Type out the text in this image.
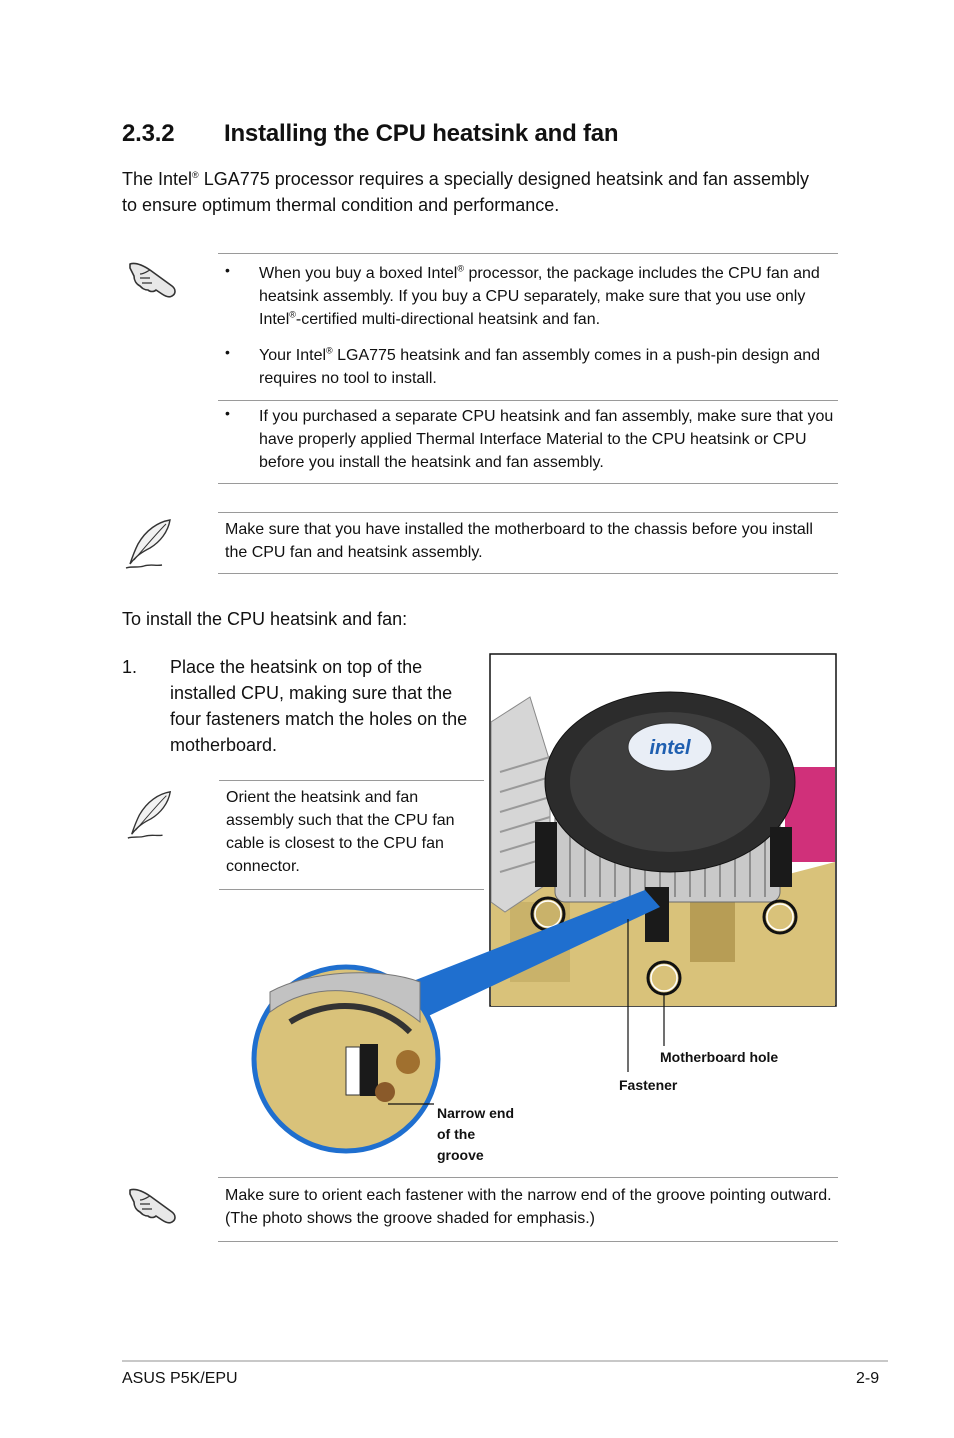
2.3.2 Installing the CPU heatsink and fan
The Intel® LGA775 processor requires a specially designed heatsink and fan assembly to ensure optimum thermal condition and performance.
• When you buy a boxed Intel® processor, the package includes the CPU fan and heatsink assembly. If you buy a CPU separately, make sure that you use only Intel®-certified multi-directional heatsink and fan.
• Your Intel® LGA775 heatsink and fan assembly comes in a push-pin design and requires no tool to install.
• If you purchased a separate CPU heatsink and fan assembly, make sure that you have properly applied Thermal Interface Material to the CPU heatsink or CPU before you install the heatsink and fan assembly.
Make sure that you have installed the motherboard to the chassis before you install the CPU fan and heatsink assembly.
To install the CPU heatsink and fan:
1. Place the heatsink on top of the installed CPU, making sure that the four fasteners match the holes on the motherboard.
Orient the heatsink and fan assembly such that the CPU fan cable is closest to the CPU fan connector.
intel
Motherboard hole
Fastener
Narrow end
of the
groove
Make sure to orient each fastener with the narrow end of the groove pointing outward. (The photo shows the groove shaded for emphasis.)
ASUS P5K/EPU	2-9
